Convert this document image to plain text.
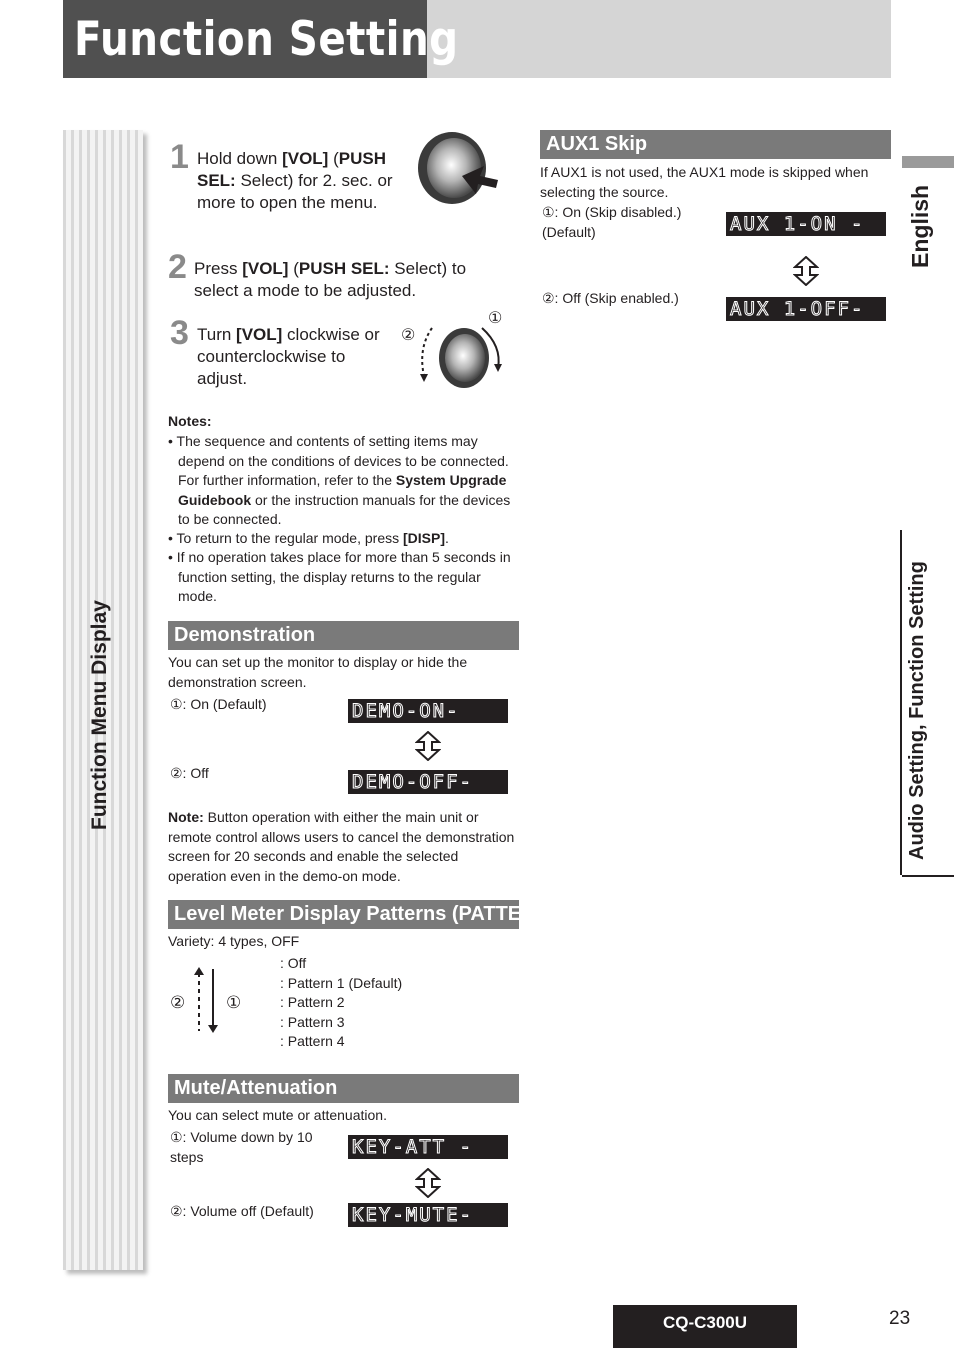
Function Setting
Function Menu Display
English
Audio Setting, Function Setting
1 Hold down [VOL] (PUSH SEL: Select) for 2. sec. or more to open the menu.
2 Press [VOL] (PUSH SEL: Select) to select a mode to be adjusted.
3 Turn [VOL] clockwise or counterclockwise to adjust.
①
②
Notes:
• The sequence and contents of setting items may depend on the conditions of devices to be connected. For further information, refer to the System Upgrade Guidebook or the instruction manuals for the devices to be connected.
• To return to the regular mode, press [DISP].
• If no operation takes place for more than 5 seconds in function setting, the display returns to the regular mode.
Demonstration
You can set up the monitor to display or hide the demonstration screen.
①: On (Default)
②: Off
DEMO-ON-
DEMO-OFF-
Note: Button operation with either the main unit or remote control allows users to cancel the demonstration screen for 20 seconds and enable the selected operation even in the demo-on mode.
Level Meter Display Patterns (PATTERN)
Variety: 4 types, OFF
② ①
: Off
: Pattern 1 (Default)
: Pattern 2
: Pattern 3
: Pattern 4
Mute/Attenuation
You can select mute or attenuation.
①: Volume down by 10 steps
②: Volume off (Default)
KEY-ATT -
KEY-MUTE-
AUX1 Skip
If AUX1 is not used, the AUX1 mode is skipped when selecting the source.
①: On (Skip disabled.) (Default)
②: Off (Skip enabled.)
AUX 1-ON -
AUX 1-OFF-
CQ-C300U	23
